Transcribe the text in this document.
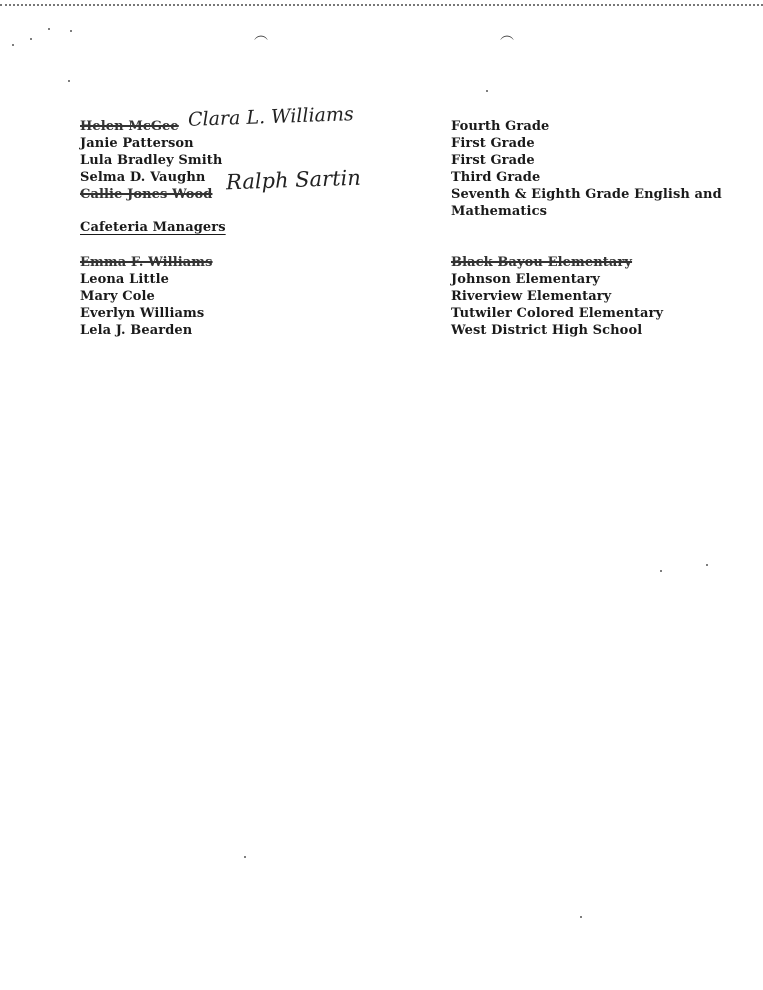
︵	︵
Helen McGee Clara L. Williams
Janie Patterson
Lula Bradley Smith
Selma D. Vaughn
Callie Jones Wood
Ralph Sartin
Fourth Grade
First Grade
First Grade
Third Grade
Seventh & Eighth Grade English and
Mathematics
Cafeteria Managers
Emma F. Williams
Leona Little
Mary Cole
Everlyn Williams
Lela J. Bearden
Black Bayou Elementary
Johnson Elementary
Riverview Elementary
Tutwiler Colored Elementary
West District High School
